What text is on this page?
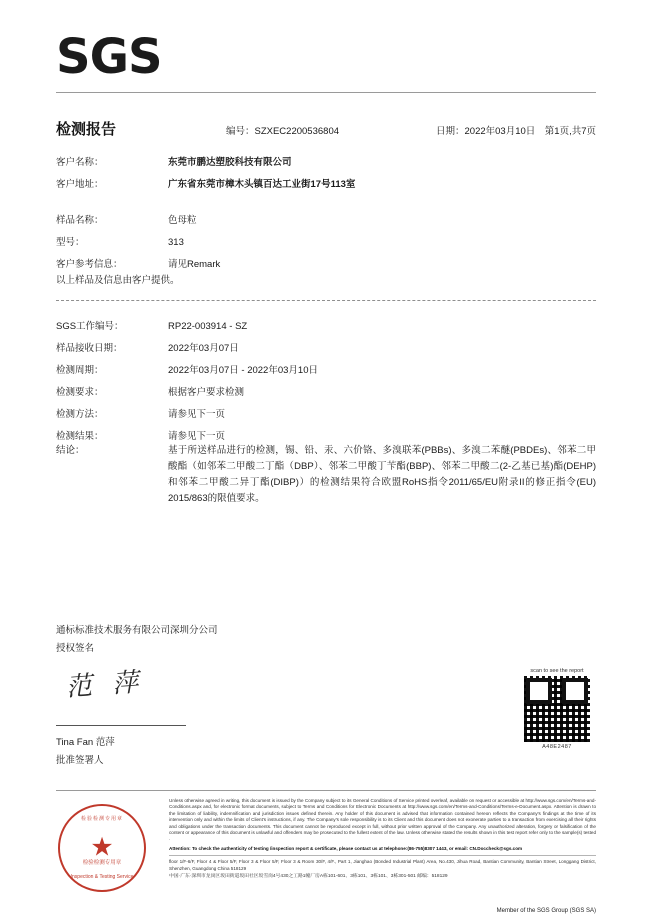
SGS
检测报告	编号：SZXEC2200536804	日期：2022年03月10日	第1页,共7页
客户名称：	东莞市鹏达塑胶科技有限公司
客户地址：	广东省东莞市樟木头镇百达工业街17号113室
样品名称：	色母粒
型号：	313
客户参考信息：	请见Remark
以上样品及信息由客户提供。
SGS工作编号：	RP22-003914 - SZ
样品接收日期：	2022年03月07日
检测周期：	2022年03月07日 - 2022年03月10日
检测要求：	根据客户要求检测
检测方法：	请参见下一页
检测结果：	请参见下一页
结论：	基于所送样品进行的检测，锡、铅、汞、六价铬、多溴联苯(PBBs)、多溴二苯醚(PBDEs)、邻苯二甲酸酯（如邻苯二甲酸二丁酯（DBP）、邻苯二甲酸丁苄酯(BBP)、邻苯二甲酸二(2-乙基已基)酯(DEHP)和邻苯二甲酸二异丁酯(DIBP)）的检测结果符合欧盟RoHS指令2011/65/EU附录II的修正指令(EU) 2015/863的限值要求。
通标标准技术服务有限公司深圳分公司
授权签名
范 萍
Tina Fan 范萍
批准签署人
scan to see the report
A48E2487
检验检测专用章
★
检验检测专用章
Inspection & Testing Service

Unless otherwise agreed in writing, this document is issued by the Company subject to its General Conditions of Service printed overleaf, available on request or accessible at http://www.sgs.com/en/Terms-and-Conditions.aspx and, for electronic format documents, subject to Terms and Conditions for Electronic Documents at http://www.sgs.com/en/Terms-and-Conditions/Terms-e-Document.aspx. Attention is drawn to the limitation of liability, indemnification and jurisdiction issues defined therein. Any holder of this document is advised that information contained hereon reflects the Company's findings at the time of its intervention only and within the limits of Client's instructions, if any. The Company's sole responsibility is to its Client and this document does not exonerate parties to a transaction from exercising all their rights and obligations under the transaction documents. This document cannot be reproduced except in full, without prior written approval of the Company. Any unauthorized alteration, forgery or falsification of the content or appearance of this document is unlawful and offenders may be prosecuted to the fullest extent of the law. Unless otherwise stated the results shown in this test report refer only to the sample(s) tested .

Attention: To check the authenticity of testing /inspection report & certificate, please contact us at telephone:(86-755)8307 1443, or email: CN.Doccheck@sgs.com

floor 1/F-6/F, Floor 4 & Floor 5/F, Floor 3 & Floor 5/F, Floor 3 & Room 30/F, 4/F., Part 1, Jianghao (Bonded Industrial Plant) Area, No.430, Jihua Road, Bantian Community, Bantian Street, Longgang District, Shenzhen, Guangdong China 518129
中国·广东·深圳市龙岗区坂田街道坂田社区坂雪岗4号430之工路1幢厂房A栋101-601、3栋101、3栋101、3栋301-501 邮编：518129
Member of the SGS Group (SGS SA)
